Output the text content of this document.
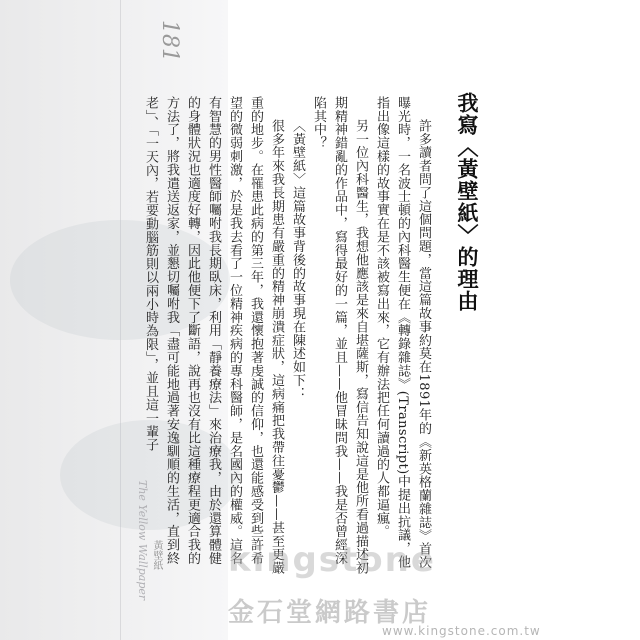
181
The Yellow Wallpaper 黃壁紙
我寫〈黃壁紙〉的理由

許多讀者問了這個問題，當這篇故事約莫在1891年的《新英格蘭雜誌》首次曝光時，一名波士頓的內科醫生便在《轉錄雜誌》(Transcript)中提出抗議，他指出像這樣的故事實在是不該被寫出來，它有辦法把任何讀過的人都逼瘋。

另一位內科醫生，我想他應該是來自堪薩斯，寫信告知說這是他所看過描述初期精神錯亂的作品中，寫得最好的一篇，並且——他冒昧問我——我是否曾經深陷其中？

〈黃壁紙〉這篇故事背後的故事現在陳述如下：

很多年來我長期患有嚴重的精神崩潰症狀，這病痛把我帶往憂鬱——甚至更嚴重的地步。在罹患此病的第三年，我還懷抱著虔誠的信仰，也還能感受到些許希望的微弱刺激，於是我去看了一位精神疾病的專科醫師，是名國內的權威。這名有智慧的男性醫師囑咐我長期臥床，利用「靜養療法」來治療我，由於還算體健的身體狀況也適度好轉，因此他便下了斷語，說再也沒有比這種療程更適合我的方法了，將我遣送返家，並懇切囑咐我「盡可能地過著安逸馴順的生活，直到終老」、「一天內，若要動腦筋則以兩小時為限」，並且這一輩子

kingstone
金石堂網路書店
www.kingstone.com.tw
